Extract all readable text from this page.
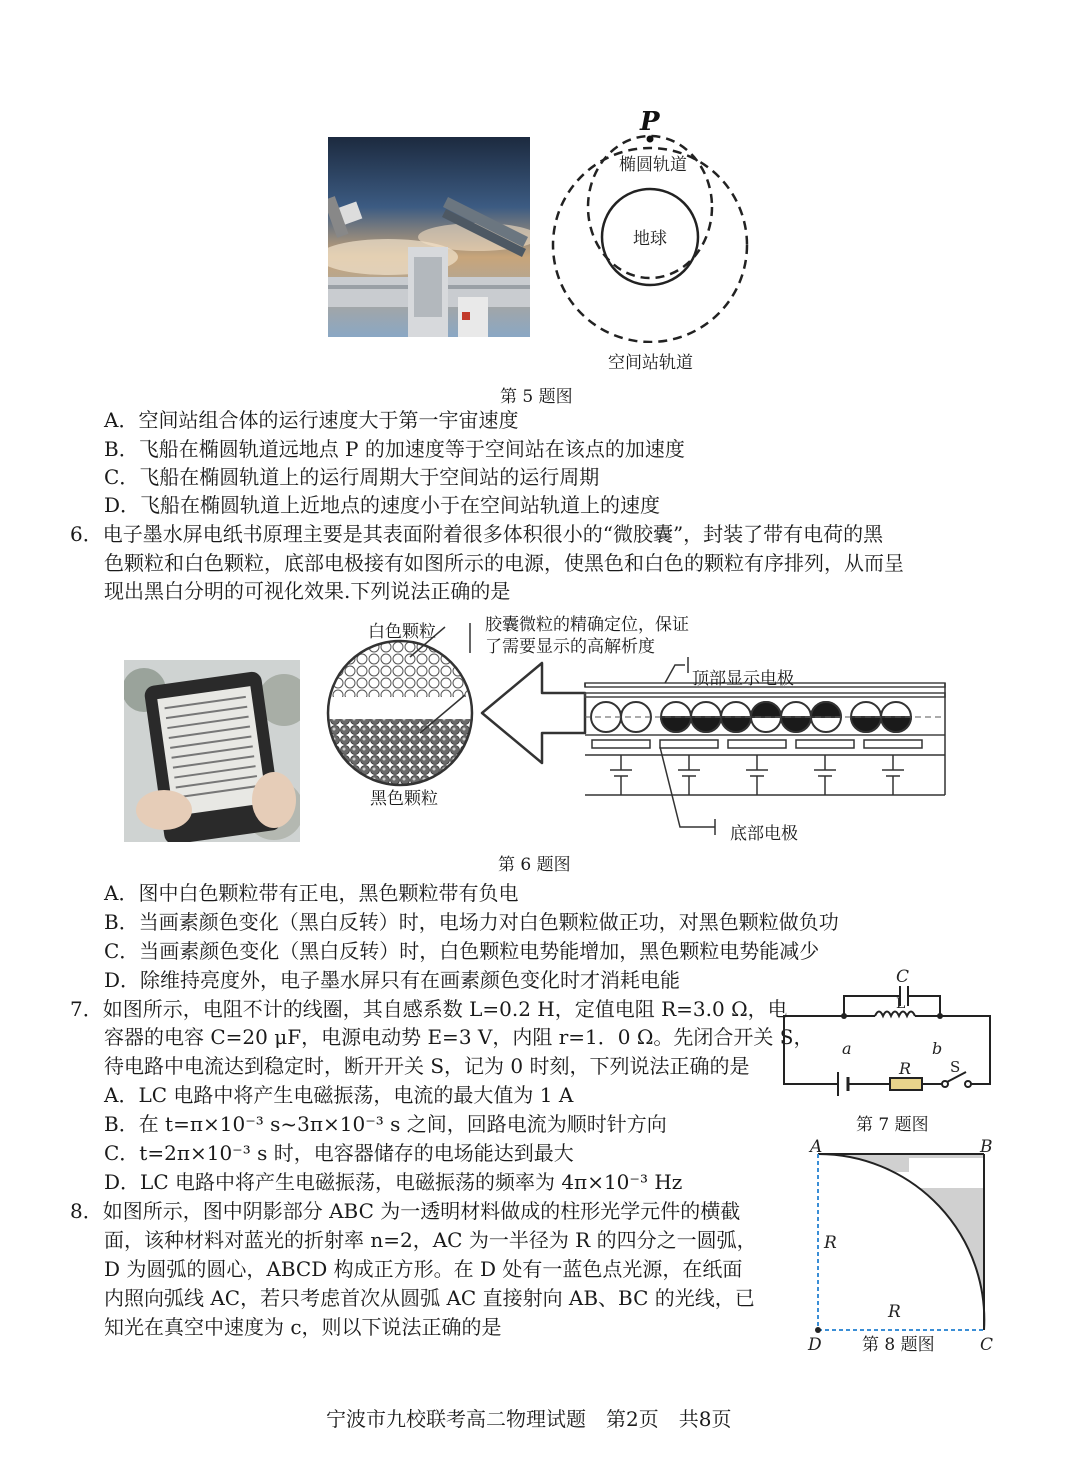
P
椭圆轨道
地球
空间站轨道
第 5 题图
A．空间站组合体的运行速度大于第一宇宙速度
B．飞船在椭圆轨道远地点 P 的加速度等于空间站在该点的加速度
C．飞船在椭圆轨道上的运行周期大于空间站的运行周期
D．飞船在椭圆轨道上近地点的速度小于在空间站轨道上的速度
6．电子墨水屏电纸书原理主要是其表面附着很多体积很小的“微胶囊”，封装了带有电荷的黑
色颗粒和白色颗粒，底部电极接有如图所示的电源，使黑色和白色的颗粒有序排列，从而呈
现出黑白分明的可视化效果.下列说法正确的是
白色颗粒
黑色颗粒
胶囊微粒的精确定位，保证
了需要显示的高解析度
顶部显示电极
底部电极
第 6 题图
A．图中白色颗粒带有正电，黑色颗粒带有负电
B．当画素颜色变化（黑白反转）时，电场力对白色颗粒做正功，对黑色颗粒做负功
C．当画素颜色变化（黑白反转）时，白色颗粒电势能增加，黑色颗粒电势能减少
D．除维持亮度外，电子墨水屏只有在画素颜色变化时才消耗电能
7．如图所示，电阻不计的线圈，其自感系数 L=0.2 H，定值电阻 R=3.0 Ω，电
容器的电容 C=20 μF，电源电动势 E=3 V，内阻 r=1．0 Ω。先闭合开关 S，
待电路中电流达到稳定时，断开开关 S，记为 0 时刻，下列说法正确的是
A．LC 电路中将产生电磁振荡，电流的最大值为 1 A
B．在 t=π×10⁻³ s~3π×10⁻³ s 之间，回路电流为顺时针方向
C．t=2π×10⁻³ s 时，电容器储存的电场能达到最大
D．LC 电路中将产生电磁振荡，电磁振荡的频率为 4π×10⁻³ Hz
C
L
a	b
R	S
第 7 题图
8．如图所示，图中阴影部分 ABC 为一透明材料做成的柱形光学元件的横截
面，该种材料对蓝光的折射率 n=2，AC 为一半径为 R 的四分之一圆弧，
D 为圆弧的圆心，ABCD 构成正方形。在 D 处有一蓝色点光源，在纸面
内照向弧线 AC，若只考虑首次从圆弧 AC 直接射向 AB、BC 的光线，已
知光在真空中速度为 c，则以下说法正确的是
A	B
C
D
R
R
第 8 题图
宁波市九校联考高二物理试题　第2页　共8页
